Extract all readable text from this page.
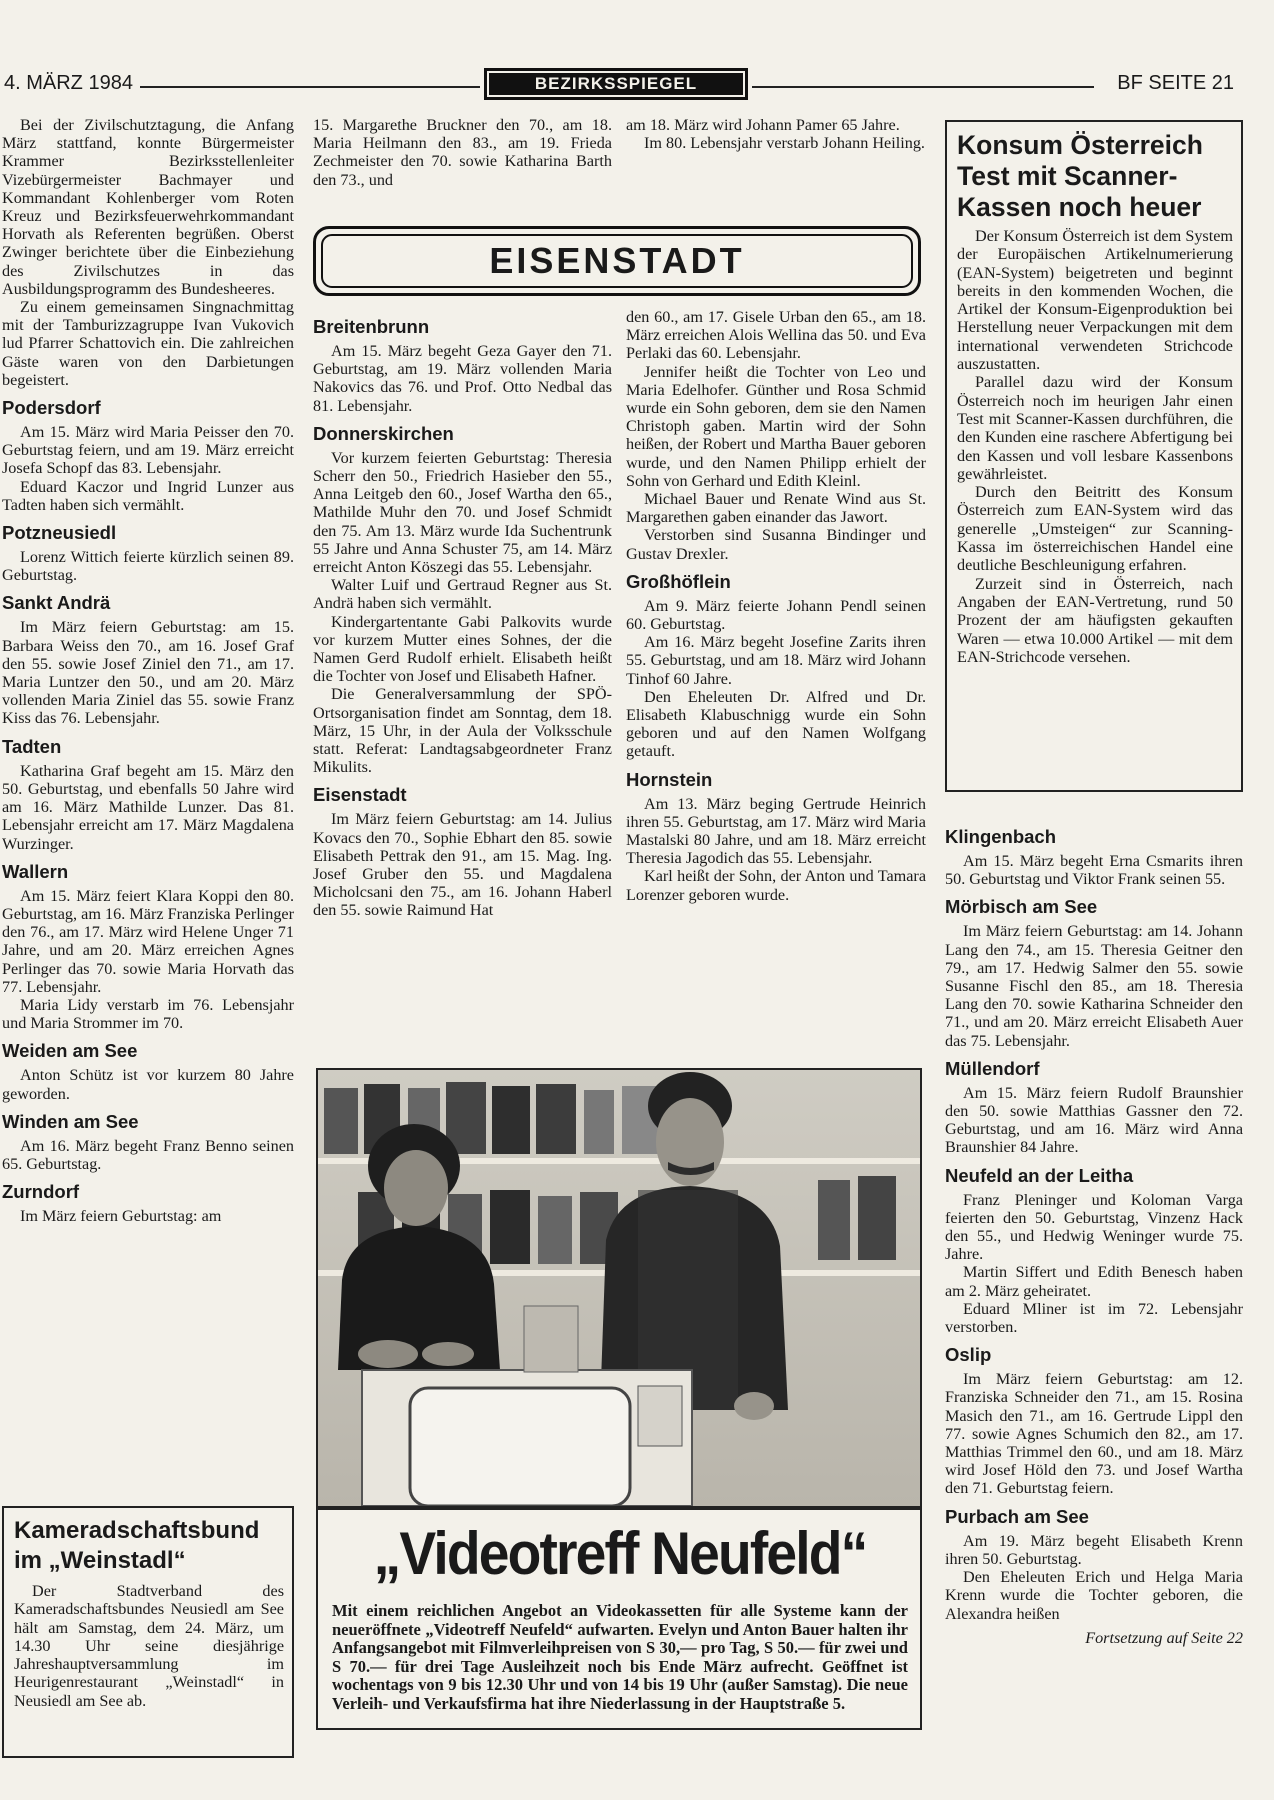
4. MÄRZ 1984	BEZIRKSSPIEGEL	BF SEITE 21

Bei der Zivilschutztagung, die Anfang März stattfand, konnte Bürgermeister Krammer Bezirksstellenleiter Vizebürgermeister Bachmayer und Kommandant Kohlenberger vom Roten Kreuz und Bezirksfeuerwehrkommandant Horvath als Referenten begrüßen. Oberst Zwinger berichtete über die Einbeziehung des Zivilschutzes in das Ausbildungsprogramm des Bundesheeres.

Zu einem gemeinsamen Singnachmittag mit der Tamburizzagruppe Ivan Vukovich lud Pfarrer Schattovich ein. Die zahlreichen Gäste waren von den Darbietungen begeistert.

Podersdorf

Am 15. März wird Maria Peisser den 70. Geburtstag feiern, und am 19. März erreicht Josefa Schopf das 83. Lebensjahr.

Eduard Kaczor und Ingrid Lunzer aus Tadten haben sich vermählt.

Potzneusiedl

Lorenz Wittich feierte kürzlich seinen 89. Geburtstag.

Sankt Andrä

Im März feiern Geburtstag: am 15. Barbara Weiss den 70., am 16. Josef Graf den 55. sowie Josef Ziniel den 71., am 17. Maria Luntzer den 50., und am 20. März vollenden Maria Ziniel das 55. sowie Franz Kiss das 76. Lebensjahr.

Tadten

Katharina Graf begeht am 15. März den 50. Geburtstag, und ebenfalls 50 Jahre wird am 16. März Mathilde Lunzer. Das 81. Lebensjahr erreicht am 17. März Magdalena Wurzinger.

Wallern

Am 15. März feiert Klara Koppi den 80. Geburtstag, am 16. März Franziska Perlinger den 76., am 17. März wird Helene Unger 71 Jahre, und am 20. März erreichen Agnes Perlinger das 70. sowie Maria Horvath das 77. Lebensjahr.

Maria Lidy verstarb im 76. Lebensjahr und Maria Strommer im 70.

Weiden am See

Anton Schütz ist vor kurzem 80 Jahre geworden.

Winden am See

Am 16. März begeht Franz Benno seinen 65. Geburtstag.

Zurndorf

Im März feiern Geburtstag: am

15. Margarethe Bruckner den 70., am 18. Maria Heilmann den 83., am 19. Frieda Zechmeister den 70. sowie Katharina Barth den 73., und

am 18. März wird Johann Pamer 65 Jahre.

Im 80. Lebensjahr verstarb Johann Heiling.

EISENSTADT
Breitenbrunn

Am 15. März begeht Geza Gayer den 71. Geburtstag, am 19. März vollenden Maria Nakovics das 76. und Prof. Otto Nedbal das 81. Lebensjahr.

Donnerskirchen

Vor kurzem feierten Geburtstag: Theresia Scherr den 50., Friedrich Hasieber den 55., Anna Leitgeb den 60., Josef Wartha den 65., Mathilde Muhr den 70. und Josef Schmidt den 75. Am 13. März wurde Ida Suchentrunk 55 Jahre und Anna Schuster 75, am 14. März erreicht Anton Köszegi das 55. Lebensjahr.

Walter Luif und Gertraud Regner aus St. Andrä haben sich vermählt.

Kindergartentante Gabi Palkovits wurde vor kurzem Mutter eines Sohnes, der die Namen Gerd Rudolf erhielt. Elisabeth heißt die Tochter von Josef und Elisabeth Hafner.

Die Generalversammlung der SPÖ-Ortsorganisation findet am Sonntag, dem 18. März, 15 Uhr, in der Aula der Volksschule statt. Referat: Landtagsabgeordneter Franz Mikulits.

Eisenstadt

Im März feiern Geburtstag: am 14. Julius Kovacs den 70., Sophie Ebhart den 85. sowie Elisabeth Pettrak den 91., am 15. Mag. Ing. Josef Gruber den 55. und Magdalena Micholcsani den 75., am 16. Johann Haberl den 55. sowie Raimund Hat

den 60., am 17. Gisele Urban den 65., am 18. März erreichen Alois Wellina das 50. und Eva Perlaki das 60. Lebensjahr.

Jennifer heißt die Tochter von Leo und Maria Edelhofer. Günther und Rosa Schmid wurde ein Sohn geboren, dem sie den Namen Christoph gaben. Martin wird der Sohn heißen, der Robert und Martha Bauer geboren wurde, und den Namen Philipp erhielt der Sohn von Gerhard und Edith Kleinl.

Michael Bauer und Renate Wind aus St. Margarethen gaben einander das Jawort.

Verstorben sind Susanna Bindinger und Gustav Drexler.

Großhöflein

Am 9. März feierte Johann Pendl seinen 60. Geburtstag.

Am 16. März begeht Josefine Zarits ihren 55. Geburtstag, und am 18. März wird Johann Tinhof 60 Jahre.

Den Eheleuten Dr. Alfred und Dr. Elisabeth Klabuschnigg wurde ein Sohn geboren und auf den Namen Wolfgang getauft.

Hornstein

Am 13. März beging Gertrude Heinrich ihren 55. Geburtstag, am 17. März wird Maria Mastalski 80 Jahre, und am 18. März erreicht Theresia Jagodich das 55. Lebensjahr.

Karl heißt der Sohn, der Anton und Tamara Lorenzer geboren wurde.

Konsum Österreich Test mit Scanner-Kassen noch heuer

Der Konsum Österreich ist dem System der Europäischen Artikelnumerierung (EAN-System) beigetreten und beginnt bereits in den kommenden Wochen, die Artikel der Konsum-Eigenproduktion bei Herstellung neuer Verpackungen mit dem international verwendeten Strichcode auszustatten.

Parallel dazu wird der Konsum Österreich noch im heurigen Jahr einen Test mit Scanner-Kassen durchführen, die den Kunden eine raschere Abfertigung bei den Kassen und voll lesbare Kassenbons gewährleistet.

Durch den Beitritt des Konsum Österreich zum EAN-System wird das generelle „Umsteigen“ zur Scanning-Kassa im österreichischen Handel eine deutliche Beschleunigung erfahren.

Zurzeit sind in Österreich, nach Angaben der EAN-Vertretung, rund 50 Prozent der am häufigsten gekauften Waren — etwa 10.000 Artikel — mit dem EAN-Strichcode versehen.

Klingenbach

Am 15. März begeht Erna Csmarits ihren 50. Geburtstag und Viktor Frank seinen 55.

Mörbisch am See

Im März feiern Geburtstag: am 14. Johann Lang den 74., am 15. Theresia Geitner den 79., am 17. Hedwig Salmer den 55. sowie Susanne Fischl den 85., am 18. Theresia Lang den 70. sowie Katharina Schneider den 71., und am 20. März erreicht Elisabeth Auer das 75. Lebensjahr.

Müllendorf

Am 15. März feiern Rudolf Braunshier den 50. sowie Matthias Gassner den 72. Geburtstag, und am 16. März wird Anna Braunshier 84 Jahre.

Neufeld an der Leitha

Franz Pleninger und Koloman Varga feierten den 50. Geburtstag, Vinzenz Hack den 55., und Hedwig Weninger wurde 75. Jahre.

Martin Siffert und Edith Benesch haben am 2. März geheiratet.

Eduard Mliner ist im 72. Lebensjahr verstorben.

Oslip

Im März feiern Geburtstag: am 12. Franziska Schneider den 71., am 15. Rosina Masich den 71., am 16. Gertrude Lippl den 77. sowie Agnes Schumich den 82., am 17. Matthias Trimmel den 60., und am 18. März wird Josef Höld den 73. und Josef Wartha den 71. Geburtstag feiern.

Purbach am See

Am 19. März begeht Elisabeth Krenn ihren 50. Geburtstag.

Den Eheleuten Erich und Helga Maria Krenn wurde die Tochter geboren, die Alexandra heißen

Fortsetzung auf Seite 22
Kameradschaftsbund im „Weinstadl“

Der Stadtverband des Kameradschaftsbundes Neusiedl am See hält am Samstag, dem 24. März, um 14.30 Uhr seine diesjährige Jahreshauptversammlung im Heurigenrestaurant „Weinstadl“ in Neusiedl am See ab.

„Videotreff Neufeld“

Mit einem reichlichen Angebot an Videokassetten für alle Systeme kann der neueröffnete „Videotreff Neufeld“ aufwarten. Evelyn und Anton Bauer halten ihr Anfangsangebot mit Filmverleihpreisen von S 30,— pro Tag, S 50.— für zwei und S 70.— für drei Tage Ausleihzeit noch bis Ende März aufrecht. Geöffnet ist wochentags von 9 bis 12.30 Uhr und von 14 bis 19 Uhr (außer Samstag). Die neue Verleih- und Verkaufsfirma hat ihre Niederlassung in der Hauptstraße 5.
